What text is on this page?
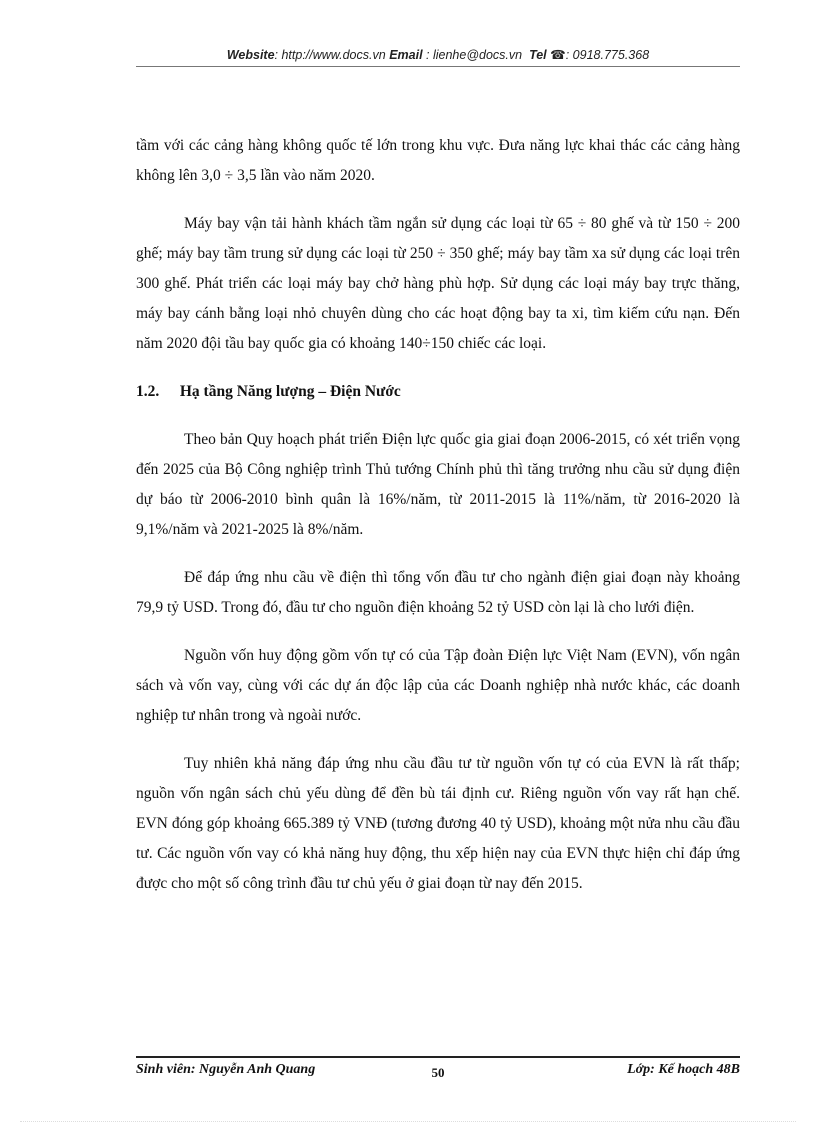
Website: http://www.docs.vn Email : lienhe@docs.vn Tel ☎: 0918.775.368

tầm với các cảng hàng không quốc tế lớn trong khu vực. Đưa năng lực khai thác các cảng hàng không lên 3,0 ÷ 3,5 lần vào năm 2020.

Máy bay vận tải hành khách tầm ngắn sử dụng các loại từ 65 ÷ 80 ghế và từ 150 ÷ 200 ghế; máy bay tầm trung sử dụng các loại từ 250 ÷ 350 ghế; máy bay tầm xa sử dụng các loại trên 300 ghế. Phát triển các loại máy bay chở hàng phù hợp. Sử dụng các loại máy bay trực thăng, máy bay cánh bằng loại nhỏ chuyên dùng cho các hoạt động bay ta xi, tìm kiếm cứu nạn. Đến năm 2020 đội tầu bay quốc gia có khoảng 140÷150 chiếc các loại.

1.2. Hạ tầng Năng lượng – Điện Nước

Theo bản Quy hoạch phát triển Điện lực quốc gia giai đoạn 2006-2015, có xét triển vọng đến 2025 của Bộ Công nghiệp trình Thủ tướng Chính phủ thì tăng trưởng nhu cầu sử dụng điện dự báo từ 2006-2010 bình quân là 16%/năm, từ 2011-2015 là 11%/năm, từ 2016-2020 là 9,1%/năm và 2021-2025 là 8%/năm.

Để đáp ứng nhu cầu về điện thì tổng vốn đầu tư cho ngành điện giai đoạn này khoảng 79,9 tỷ USD. Trong đó, đầu tư cho nguồn điện khoảng 52 tỷ USD còn lại là cho lưới điện.

Nguồn vốn huy động gồm vốn tự có của Tập đoàn Điện lực Việt Nam (EVN), vốn ngân sách và vốn vay, cùng với các dự án độc lập của các Doanh nghiệp nhà nước khác, các doanh nghiệp tư nhân trong và ngoài nước.

Tuy nhiên khả năng đáp ứng nhu cầu đầu tư từ nguồn vốn tự có của EVN là rất thấp; nguồn vốn ngân sách chủ yếu dùng để đền bù tái định cư. Riêng nguồn vốn vay rất hạn chế. EVN đóng góp khoảng 665.389 tỷ VNĐ (tương đương 40 tỷ USD), khoảng một nửa nhu cầu đầu tư. Các nguồn vốn vay có khả năng huy động, thu xếp hiện nay của EVN thực hiện chỉ đáp ứng được cho một số công trình đầu tư chủ yếu ở giai đoạn từ nay đến 2015.

Sinh viên: Nguyễn Anh Quang	50	Lớp: Kế hoạch 48B
